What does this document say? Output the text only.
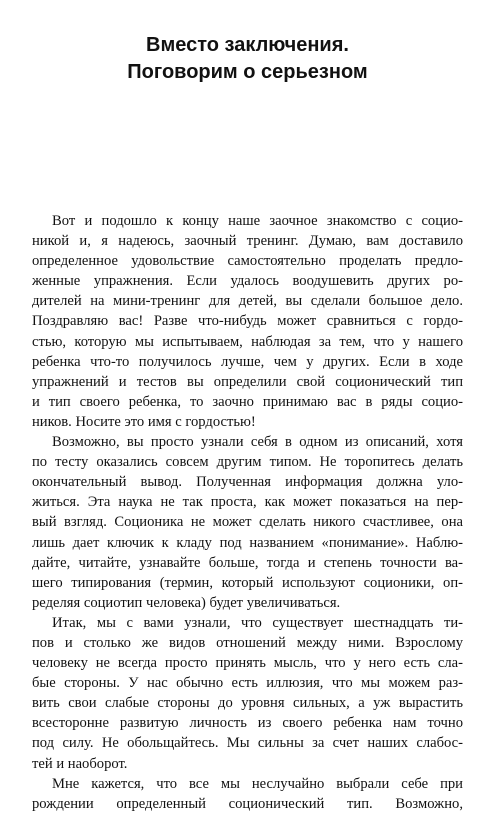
Вместо заключения.
Поговорим о серьезном
Вот и подошло к концу наше заочное знакомство с социо-
никой и, я надеюсь, заочный тренинг. Думаю, вам доставило
определенное удовольствие самостоятельно проделать предло-
женные упражнения. Если удалось воодушевить других ро-
дителей на мини-тренинг для детей, вы сделали большое дело.
Поздравляю вас! Разве что-нибудь может сравниться с гордо-
стью, которую мы испытываем, наблюдая за тем, что у нашего
ребенка что-то получилось лучше, чем у других. Если в ходе
упражнений и тестов вы определили свой соционический тип
и тип своего ребенка, то заочно принимаю вас в ряды социо-
ников. Носите это имя с гордостью!
Возможно, вы просто узнали себя в одном из описаний, хотя
по тесту оказались совсем другим типом. Не торопитесь делать
окончательный вывод. Полученная информация должна уло-
житься. Эта наука не так проста, как может показаться на пер-
вый взгляд. Соционика не может сделать никого счастливее, она
лишь дает ключик к кладу под названием «понимание». Наблю-
дайте, читайте, узнавайте больше, тогда и степень точности ва-
шего типирования (термин, который используют соционики, оп-
ределяя социотип человека) будет увеличиваться.
Итак, мы с вами узнали, что существует шестнадцать ти-
пов и столько же видов отношений между ними. Взрослому
человеку не всегда просто принять мысль, что у него есть сла-
бые стороны. У нас обычно есть иллюзия, что мы можем раз-
вить свои слабые стороны до уровня сильных, а уж вырастить
всесторонне развитую личность из своего ребенка нам точно
под силу. Не обольщайтесь. Мы сильны за счет наших слабос-
тей и наоборот.
Мне кажется, что все мы неслучайно выбрали себе при
рождении определенный соционический тип. Возможно,
